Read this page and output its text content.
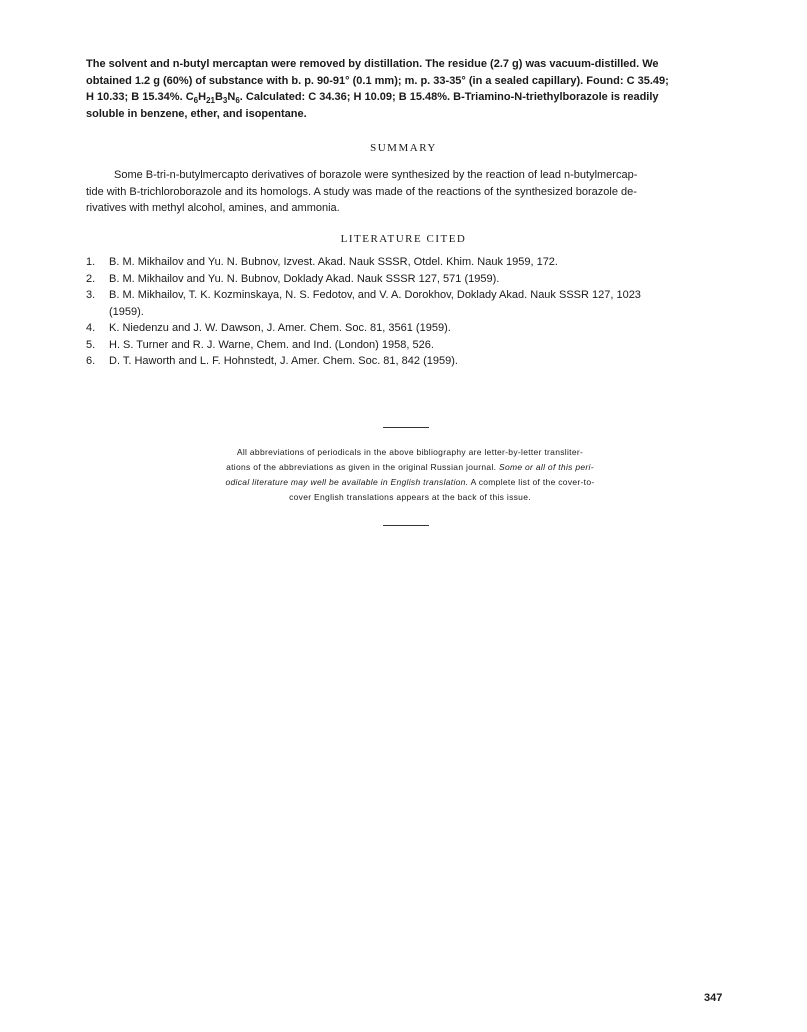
The solvent and n-butyl mercaptan were removed by distillation. The residue (2.7 g) was vacuum-distilled. We
obtained 1.2 g (60%) of substance with b. p. 90-91° (0.1 mm); m. p. 33-35° (in a sealed capillary). Found: C 35.49;
H 10.33; B 15.34%. $C_6H_{21}B_3N_6$. Calculated: C 34.36; H 10.09; B 15.48%. B-Triamino-N-triethylborazole is readily
soluble in benzene, ether, and isopentane.
SUMMARY
Some B-tri-n-butylmercapto derivatives of borazole were synthesized by the reaction of lead n-butylmercap-
tide with B-trichloroborazole and its homologs. A study was made of the reactions of the synthesized borazole de-
rivatives with methyl alcohol, amines, and ammonia.
LITERATURE CITED
1. B. M. Mikhailov and Yu. N. Bubnov, Izvest. Akad. Nauk SSSR, Otdel. Khim. Nauk 1959, 172.
2. B. M. Mikhailov and Yu. N. Bubnov, Doklady Akad. Nauk SSSR 127, 571 (1959).
3. B. M. Mikhailov, T. K. Kozminskaya, N. S. Fedotov, and V. A. Dorokhov, Doklady Akad. Nauk SSSR 127, 1023
(1959).
4. K. Niedenzu and J. W. Dawson, J. Amer. Chem. Soc. 81, 3561 (1959).
5. H. S. Turner and R. J. Warne, Chem. and Ind. (London) 1958, 526.
6. D. T. Haworth and L. F. Hohnstedt, J. Amer. Chem. Soc. 81, 842 (1959).
All abbreviations of periodicals in the above bibliography are letter-by-letter transliter-
ations of the abbreviations as given in the original Russian journal. Some or all of this peri-
odical literature may well be available in English translation. A complete list of the cover-to-
cover English translations appears at the back of this issue.

347
